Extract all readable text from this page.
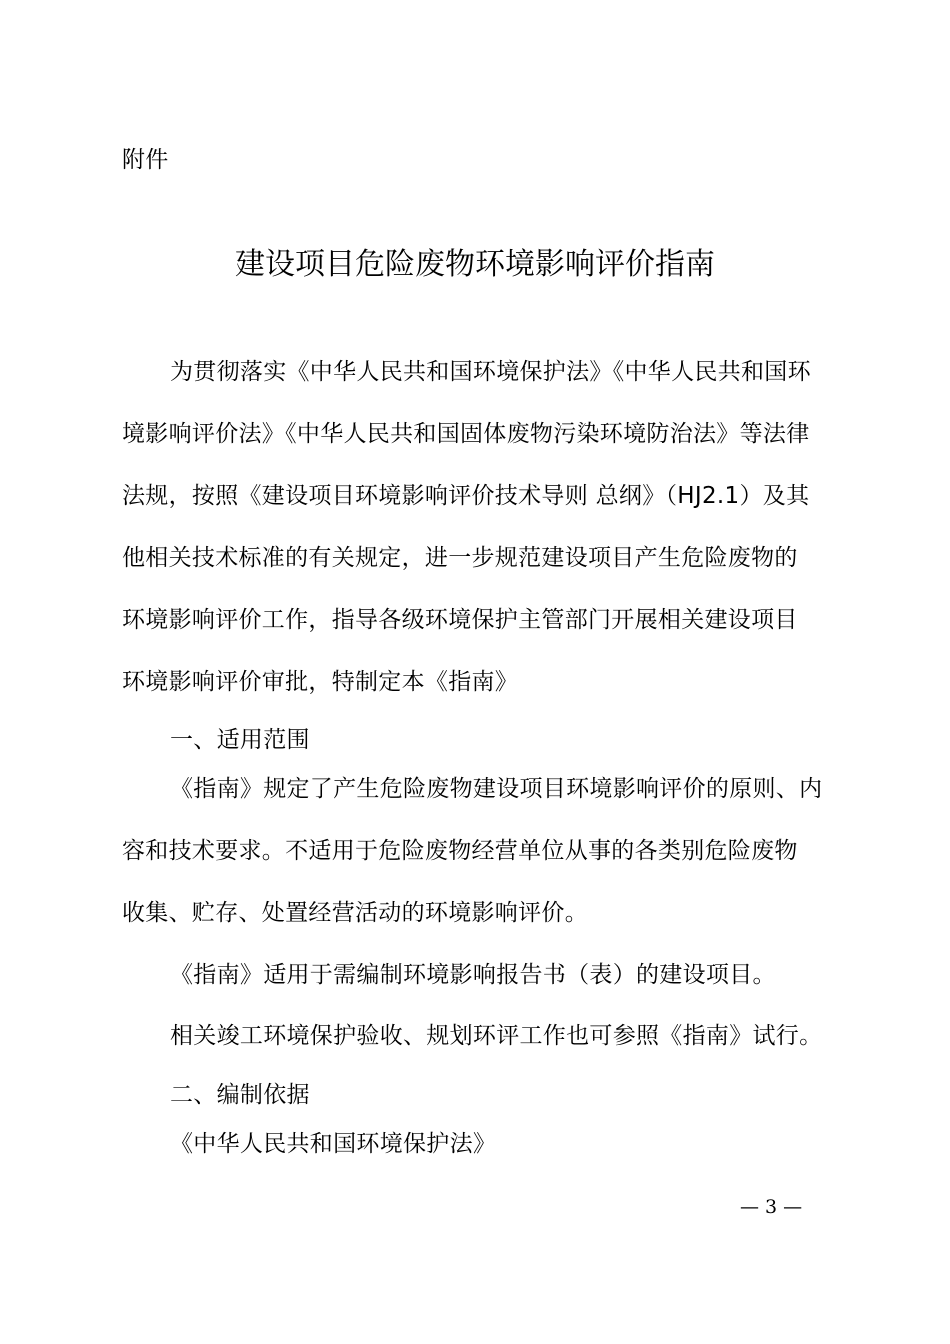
附件
建设项目危险废物环境影响评价指南
为贯彻落实《中华人民共和国环境保护法》《中华人民共和国环
境影响评价法》《中华人民共和国固体废物污染环境防治法》等法律
法规，按照《建设项目环境影响评价技术导则 总纲》（HJ2.1）及其
他相关技术标准的有关规定，进一步规范建设项目产生危险废物的
环境影响评价工作，指导各级环境保护主管部门开展相关建设项目
环境影响评价审批，特制定本《指南》
一、适用范围
《指南》规定了产生危险废物建设项目环境影响评价的原则、内
容和技术要求。不适用于危险废物经营单位从事的各类别危险废物
收集、贮存、处置经营活动的环境影响评价。
《指南》适用于需编制环境影响报告书（表）的建设项目。
相关竣工环境保护验收、规划环评工作也可参照《指南》试行。
二、编制依据
《中华人民共和国环境保护法》
— 3 —
